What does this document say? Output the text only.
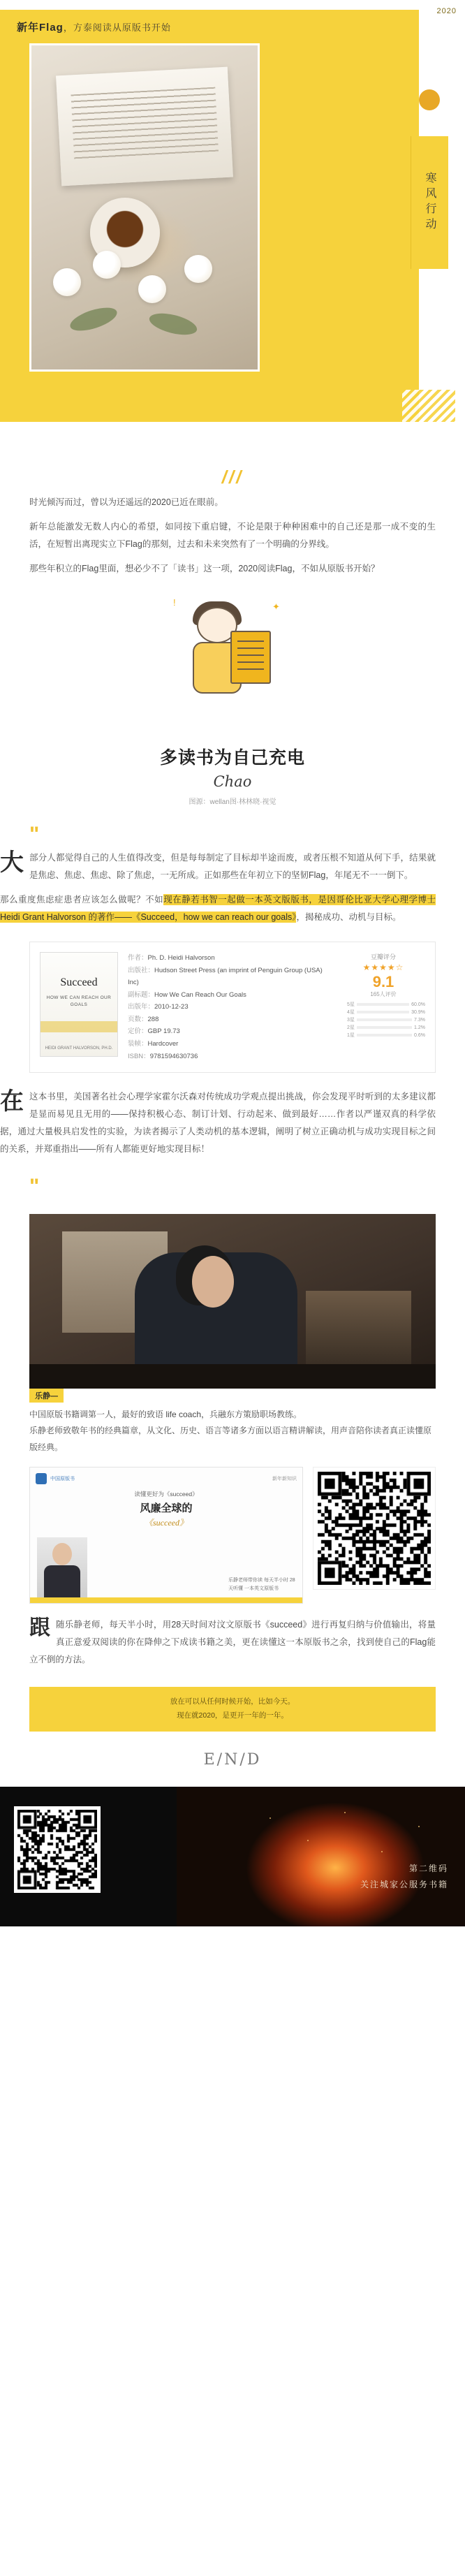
2020
新年Flag，方泰阅读从原版书开始
寒风行动
///

时光倾泻而过，曾以为还遥远的2020已近在眼前。

新年总能激发无数人内心的希望，如同按下重启键，不论是限于种种困难中的自己还是那一成不变的生活，在短暂出离现实立下Flag的那刻，过去和未来突然有了一个明确的分界线。

那些年积立的Flag里面，想必少不了「读书」这一项，2020阅读Flag，不如从原版书开始？

!	✦
多读书为自己充电
Chao
图源：wellan图·林林晓·视觉
"
大 部分人都觉得自己的人生值得改变，但是每每制定了目标却半途而废，或者压根不知道从何下手，结果就是焦虑、焦虑、焦虑、除了焦虑，一无所成。正如那些在年初立下的坚韧Flag，年尾无不一一倒下。

那么重度焦虑症患者应该怎么做呢？不如现在静若书智一起做一本英文版版书，是因哥伦比亚大学心理学博士 Heidi Grant Halvorson 的著作——《Succeed，how we can reach our goals》，揭秘成功、动机与目标。

Succeed
HOW WE CAN REACH OUR GOALS
HEIDI GRANT HALVORSON, PH.D.
作者：Ph. D. Heidi Halvorson
出版社：Hudson Street Press (an imprint of Penguin Group (USA) Inc)
副标题：How We Can Reach Our Goals
出版年：2010-12-23
页数：288
定价：GBP 19.73
装帧：Hardcover
ISBN：9781594630736
豆瓣评分
★★★★☆
9.1
165人评价
5星	60.0%
4星	30.9%
3星	7.3%
2星	1.2%
1星	0.6%
在 这本书里，美国著名社会心理学家霍尔沃森对传统成功学观点提出挑战，你会发现平时听到的太多建议都是显而易见且无用的——保持积极心态、制订计划、行动起来、做到最好……作者以严谨双真的科学依据，通过大量极具启发性的实验，为读者揭示了人类动机的基本逻辑，阐明了树立正确动机与成功实现目标之间的关系，并郑重指出——所有人都能更好地实现目标！

"
乐静—
中国原版书籍调第一人，最好的致语 life coach，兵融东方策励职场教练。
乐静老师致敬年书的经典篇章，从文化、历史、语言等诸多方面以语言精讲解读，用声音陪你读者真正读懂原版经典。
中国原版书	新年新知识
读懂更好为《succeed》
风廉全球的
《succeed》
乐静老师带你读 每天半小时 28天听懂 一本英文原版书
跟 随乐静老师，每天半小时，用28天时间对汶文原版书《succeed》进行再复归纳与价值输出，将量真正意爱双阅读的你在降伸之下成读书籍之美，更在读懂这一本原版书之余，找到使自己的Flag能立不倒的方法。

放在可以从任何时候开始，比如今天。
现在就2020，是更开一年的一年。
E/N/D
第二维码
关注城家公服务书籍
